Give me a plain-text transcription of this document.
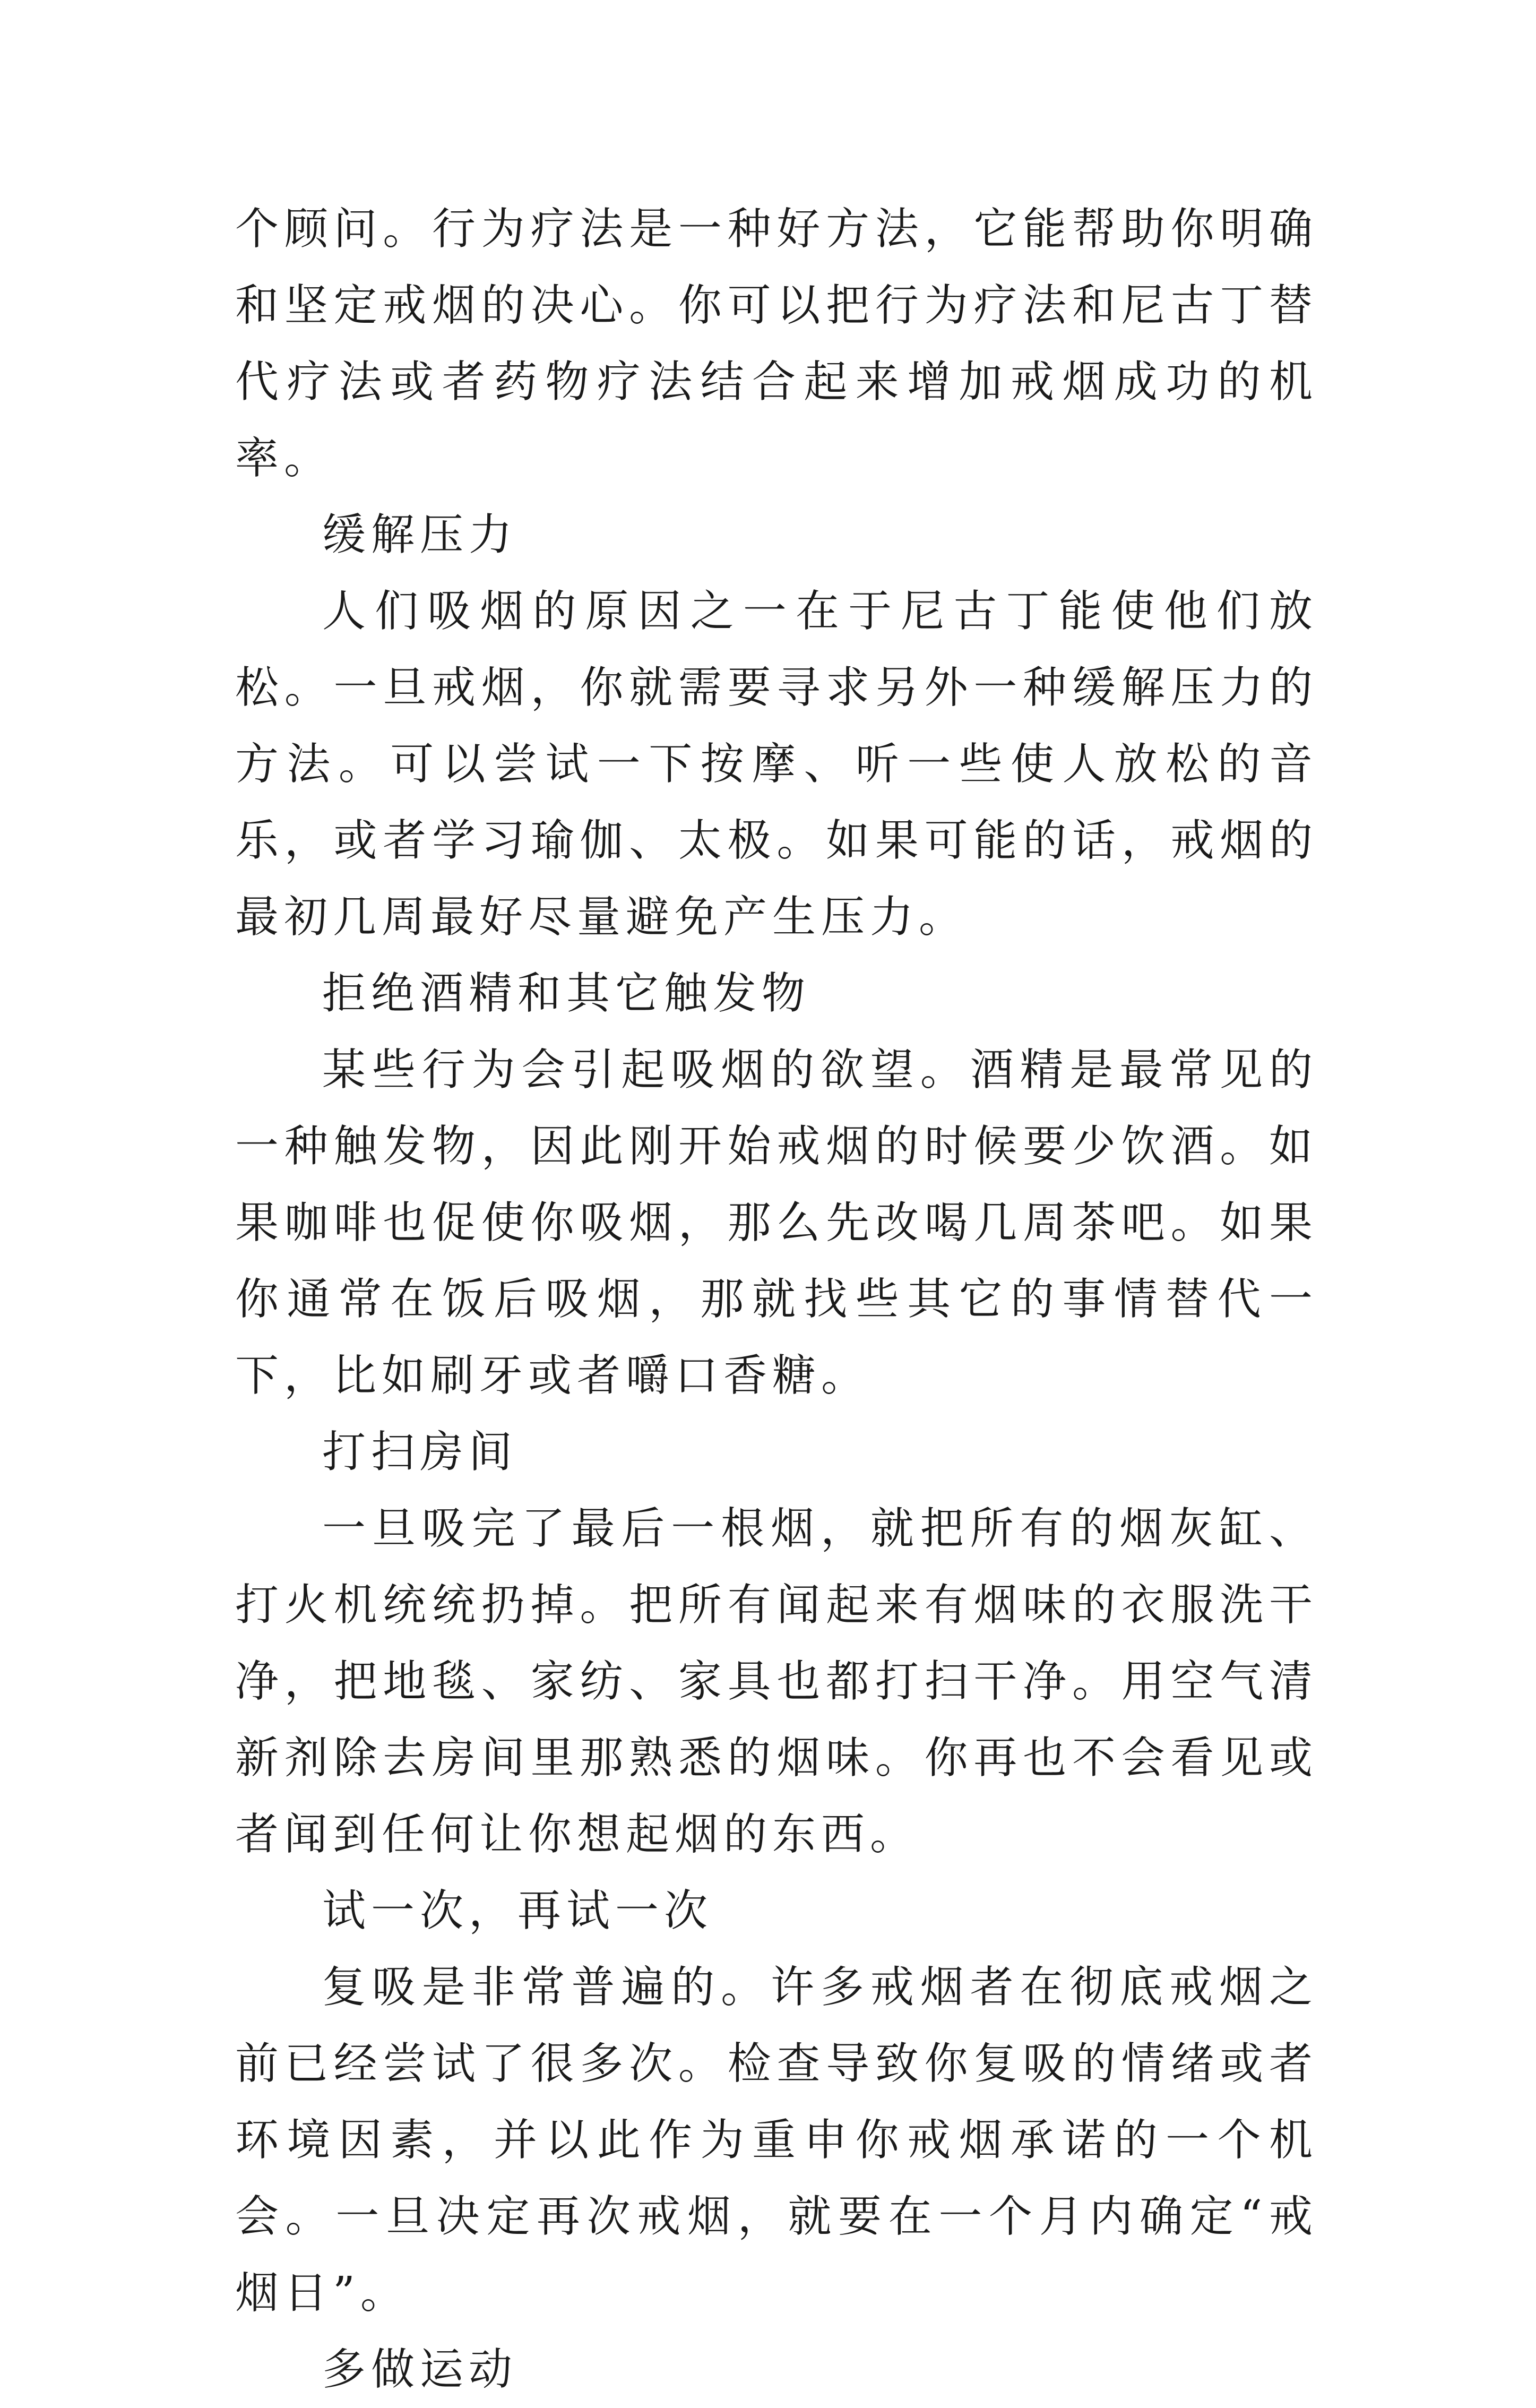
个顾问。行为疗法是一种好方法，它能帮助你明确和坚定戒烟的决心。你可以把行为疗法和尼古丁替代疗法或者药物疗法结合起来增加戒烟成功的机率。

缓解压力

人们吸烟的原因之一在于尼古丁能使他们放松。一旦戒烟，你就需要寻求另外一种缓解压力的方法。可以尝试一下按摩、听一些使人放松的音乐，或者学习瑜伽、太极。如果可能的话，戒烟的最初几周最好尽量避免产生压力。

拒绝酒精和其它触发物

某些行为会引起吸烟的欲望。酒精是最常见的一种触发物，因此刚开始戒烟的时候要少饮酒。如果咖啡也促使你吸烟，那么先改喝几周茶吧。如果你通常在饭后吸烟，那就找些其它的事情替代一下，比如刷牙或者嚼口香糖。

打扫房间

一旦吸完了最后一根烟，就把所有的烟灰缸、打火机统统扔掉。把所有闻起来有烟味的衣服洗干净，把地毯、家纺、家具也都打扫干净。用空气清新剂除去房间里那熟悉的烟味。你再也不会看见或者闻到任何让你想起烟的东西。

试一次，再试一次

复吸是非常普遍的。许多戒烟者在彻底戒烟之前已经尝试了很多次。检查导致你复吸的情绪或者环境因素，并以此作为重申你戒烟承诺的一个机会。一旦决定再次戒烟，就要在一个月内确定“戒烟日”。

多做运动
